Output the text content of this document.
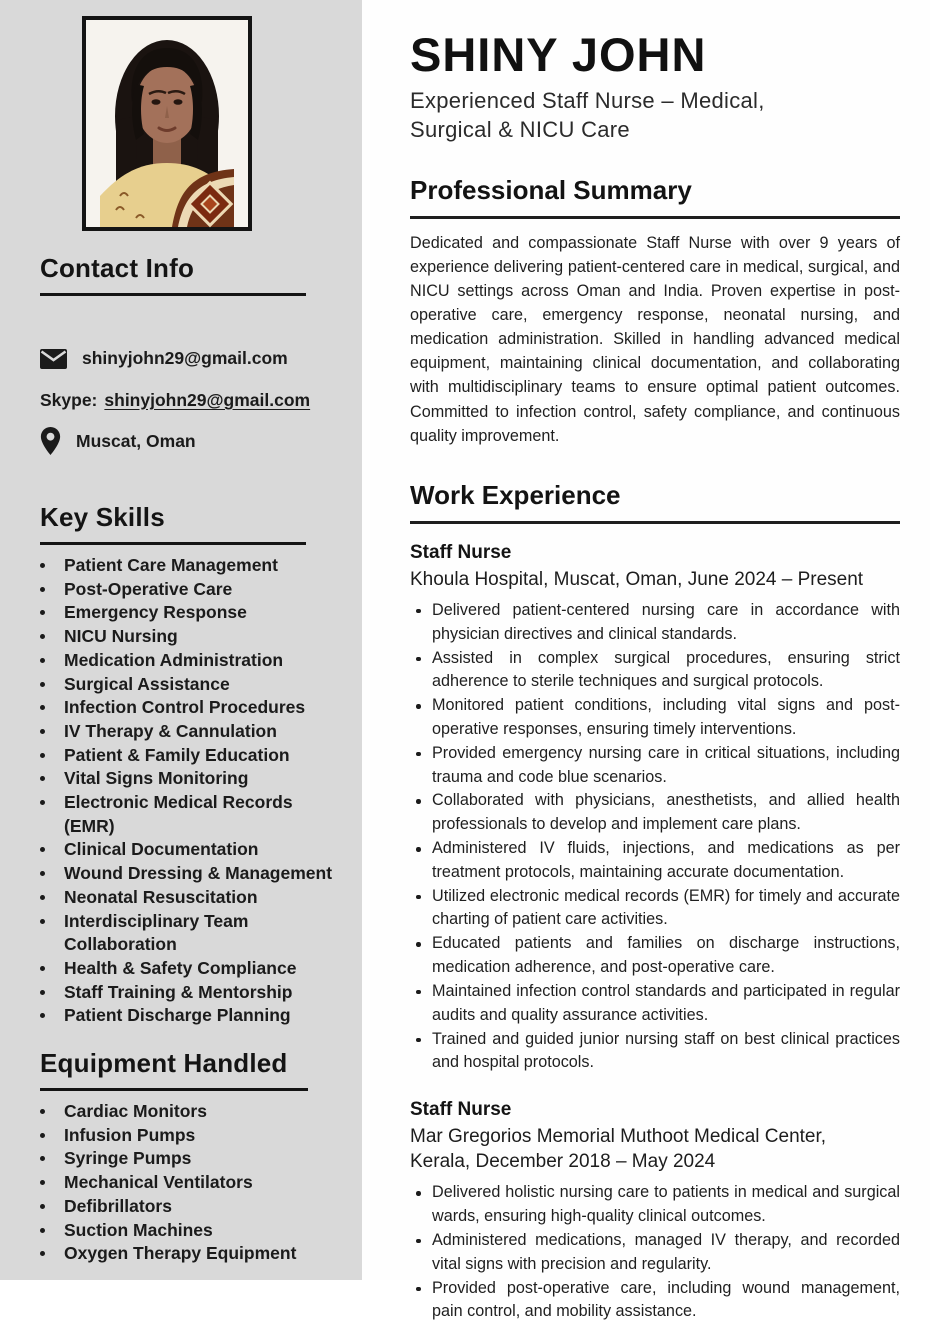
Contact Info
shinyjohn29@gmail.com
Skype: shinyjohn29@gmail.com
Muscat, Oman
Key Skills
Patient Care Management
Post-Operative Care
Emergency Response
NICU Nursing
Medication Administration
Surgical Assistance
Infection Control Procedures
IV Therapy & Cannulation
Patient & Family Education
Vital Signs Monitoring
Electronic Medical Records (EMR)
Clinical Documentation
Wound Dressing & Management
Neonatal Resuscitation
Interdisciplinary Team Collaboration
Health & Safety Compliance
Staff Training & Mentorship
Patient Discharge Planning
Equipment Handled
Cardiac Monitors
Infusion Pumps
Syringe Pumps
Mechanical Ventilators
Defibrillators
Suction Machines
Oxygen Therapy Equipment
SHINY JOHN
Experienced Staff Nurse – Medical,
Surgical & NICU Care
Professional Summary

Dedicated and compassionate Staff Nurse with over 9 years of experience delivering patient-centered care in medical, surgical, and NICU settings across Oman and India. Proven expertise in post-operative care, emergency response, neonatal nursing, and medication administration. Skilled in handling advanced medical equipment, maintaining clinical documentation, and collaborating with multidisciplinary teams to ensure optimal patient outcomes. Committed to infection control, safety compliance, and continuous quality improvement.

Work Experience
Staff Nurse
Khoula Hospital, Muscat, Oman, June 2024 – Present
Delivered patient-centered nursing care in accordance with physician directives and clinical standards.
Assisted in complex surgical procedures, ensuring strict adherence to sterile techniques and surgical protocols.
Monitored patient conditions, including vital signs and post-operative responses, ensuring timely interventions.
Provided emergency nursing care in critical situations, including trauma and code blue scenarios.
Collaborated with physicians, anesthetists, and allied health professionals to develop and implement care plans.
Administered IV fluids, injections, and medications as per treatment protocols, maintaining accurate documentation.
Utilized electronic medical records (EMR) for timely and accurate charting of patient care activities.
Educated patients and families on discharge instructions, medication adherence, and post-operative care.
Maintained infection control standards and participated in regular audits and quality assurance activities.
Trained and guided junior nursing staff on best clinical practices and hospital protocols.
Staff Nurse
Mar Gregorios Memorial Muthoot Medical Center,
Kerala, December 2018 – May 2024
Delivered holistic nursing care to patients in medical and surgical wards, ensuring high-quality clinical outcomes.
Administered medications, managed IV therapy, and recorded vital signs with precision and regularity.
Provided post-operative care, including wound management, pain control, and mobility assistance.
